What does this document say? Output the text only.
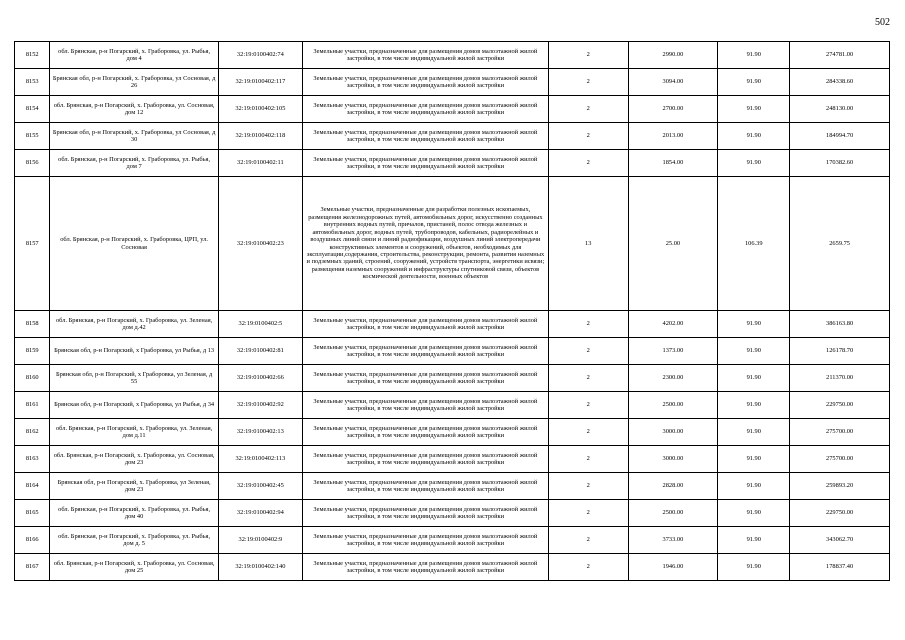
502
8152	обл. Брянская, р-н Погарский, х. Граборовка, ул. Рыбья, дом 4	32:19:0100402:74	Земельные участки, предназначенные для размещения домов малоэтажной жилой застройки, в том числе индивидуальной жилой застройки	2	2990.00	91.90	274781.00
8153	Брянская обл, р-н Погарский, х. Граборовка, ул Сосновая, д 26	32:19:0100402:117	Земельные участки, предназначенные для размещения домов малоэтажной жилой застройки, в том числе индивидуальной жилой застройки	2	3094.00	91.90	284338.60
8154	обл. Брянская, р-н Погарский, х. Граборовка, ул. Сосновая, дом 12	32:19:0100402:105	Земельные участки, предназначенные для размещения домов малоэтажной жилой застройки, в том числе индивидуальной жилой застройки	2	2700.00	91.90	248130.00
8155	Брянская обл, р-н Погарский, х. Граборовка, ул Сосновая, д 30	32:19:0100402:118	Земельные участки, предназначенные для размещения домов малоэтажной жилой застройки, в том числе индивидуальной жилой застройки	2	2013.00	91.90	184994.70
8156	обл. Брянская, р-н Погарский, х. Граборовка, ул. Рыбья, дом 7	32:19:0100402:11	Земельные участки, предназначенные для размещения домов малоэтажной жилой застройки, в том числе индивидуальной жилой застройки	2	1854.00	91.90	170382.60
8157	обл. Брянская, р-н Погарский, х. Граборовка, ЦРП, ул. Сосновая	32:19:0100402:23	Земельные участки, предназначенные для разработки полезных ископаемых, размещения железнодорожных путей, автомобильных дорог, искусственно созданных внутренних водных путей, причалов, пристаней, полос отвода железных и автомобильных дорог, водных путей, трубопроводов, кабельных, радиорелейных и воздушных линий связи и линий радиофикации, воздушных линий электропередачи конструктивных элементов и сооружений, объектов, необходимых для эксплуатации,содержания, строительства, реконструкции, ремонта, развития наземных и подземных зданий, строений, сооружений, устройств транспорта, энергетики исвязи; размещения наземных сооружений и инфраструктуры спутниковой связи, объектов космической деятельности, военных объектов	13	25.00	106.39	2659.75
8158	обл. Брянская, р-н Погарский, х. Граборовка, ул. Зеленая, дом д.42	32:19:0100402:5	Земельные участки, предназначенные для размещения домов малоэтажной жилой застройки, в том числе индивидуальной жилой застройки	2	4202.00	91.90	386163.80
8159	Брянская обл, р-н Погарский, х Граборовка, ул Рыбья, д 13	32:19:0100402:81	Земельные участки, предназначенные для размещения домов малоэтажной жилой застройки, в том числе индивидуальной жилой застройки	2	1373.00	91.90	126178.70
8160	Брянская обл, р-н Погарский, х Граборовка, ул Зеленая, д 55	32:19:0100402:66	Земельные участки, предназначенные для размещения домов малоэтажной жилой застройки, в том числе индивидуальной жилой застройки	2	2300.00	91.90	211370.00
8161	Брянская обл, р-н Погарский, х Граборовка, ул Рыбья, д 34	32:19:0100402:92	Земельные участки, предназначенные для размещения домов малоэтажной жилой застройки, в том числе индивидуальной жилой застройки	2	2500.00	91.90	229750.00
8162	обл. Брянская, р-н Погарский, х. Граборовка, ул. Зеленая, дом д.11	32:19:0100402:13	Земельные участки, предназначенные для размещения домов малоэтажной жилой застройки, в том числе индивидуальной жилой застройки	2	3000.00	91.90	275700.00
8163	обл. Брянская, р-н Погарский, х. Граборовка, ул. Сосновая, дом 23	32:19:0100402:113	Земельные участки, предназначенные для размещения домов малоэтажной жилой застройки, в том числе индивидуальной жилой застройки	2	3000.00	91.90	275700.00
8164	Брянская обл, р-н Погарский, х. Граборовка, ул Зеленая, дом 23	32:19:0100402:45	Земельные участки, предназначенные для размещения домов малоэтажной жилой застройки, в том числе индивидуальной жилой застройки	2	2828.00	91.90	259893.20
8165	обл. Брянская, р-н Погарский, х. Граборовка, ул. Рыбья, дом 40	32:19:0100402:94	Земельные участки, предназначенные для размещения домов малоэтажной жилой застройки, в том числе индивидуальной жилой застройки	2	2500.00	91.90	229750.00
8166	обл. Брянская, р-н Погарский, х. Граборовка, ул. Рыбья, дом д. 5	32:19:0100402:9	Земельные участки, предназначенные для размещения домов малоэтажной жилой застройки, в том числе индивидуальной жилой застройки	2	3733.00	91.90	343062.70
8167	обл. Брянская, р-н Погарский, х. Граборовка, ул. Сосновая, дом 25	32:19:0100402:140	Земельные участки, предназначенные для размещения домов малоэтажной жилой застройки, в том числе индивидуальной жилой застройки	2	1946.00	91.90	178837.40
